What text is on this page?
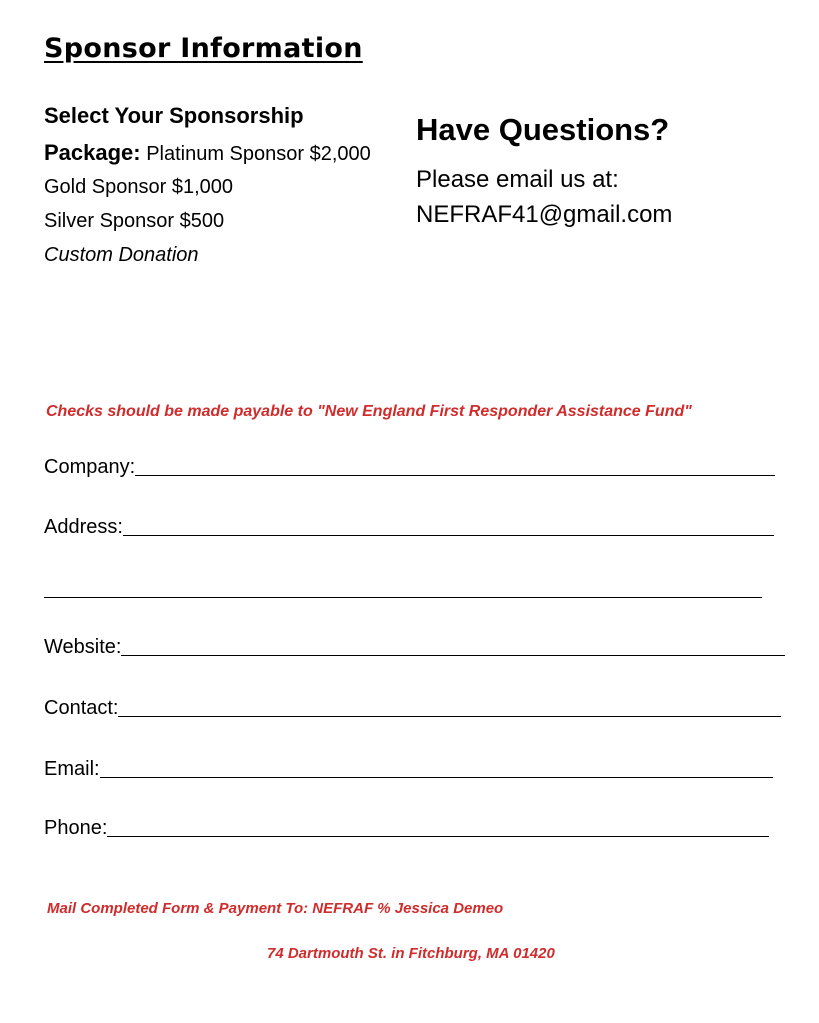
Sponsor Information
Select Your Sponsorship
Package: Platinum Sponsor $2,000
Gold Sponsor $1,000
Silver Sponsor $500
Custom Donation
Have Questions?
Please email us at:
NEFRAF41@gmail.com
Checks should be made payable to "New England First Responder Assistance Fund"
Company:
Address:
Website:
Contact:
Email:
Phone:
Mail Completed Form & Payment To: NEFRAF % Jessica Demeo
74 Dartmouth St. in Fitchburg, MA 01420
